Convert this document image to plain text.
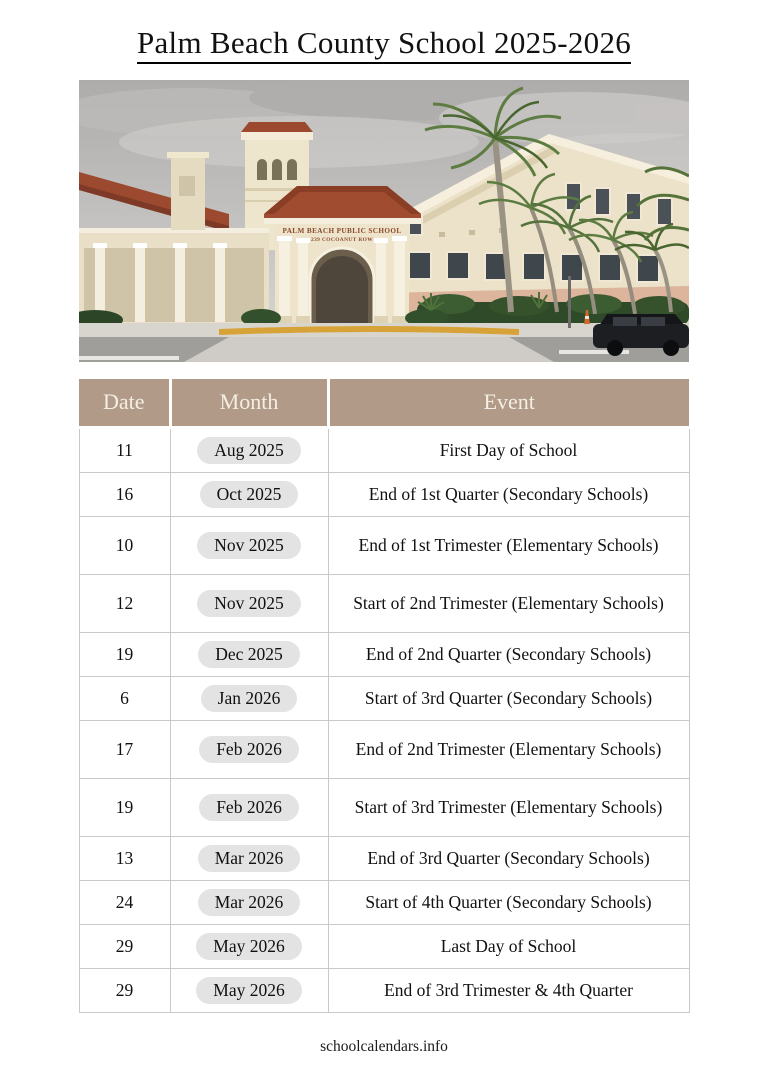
Palm Beach County School 2025-2026
PALM BEACH PUBLIC SCHOOL
239 COCOANUT ROW
Date	Month	Event
11	Aug 2025	First Day of School
16	Oct 2025	End of 1st Quarter (Secondary Schools)
10	Nov 2025	End of 1st Trimester (Elementary Schools)
12	Nov 2025	Start of 2nd Trimester (Elementary Schools)
19	Dec 2025	End of 2nd Quarter (Secondary Schools)
6	Jan 2026	Start of 3rd Quarter (Secondary Schools)
17	Feb 2026	End of 2nd Trimester (Elementary Schools)
19	Feb 2026	Start of 3rd Trimester (Elementary Schools)
13	Mar 2026	End of 3rd Quarter (Secondary Schools)
24	Mar 2026	Start of 4th Quarter (Secondary Schools)
29	May 2026	Last Day of School
29	May 2026	End of 3rd Trimester & 4th Quarter
schoolcalendars.info
